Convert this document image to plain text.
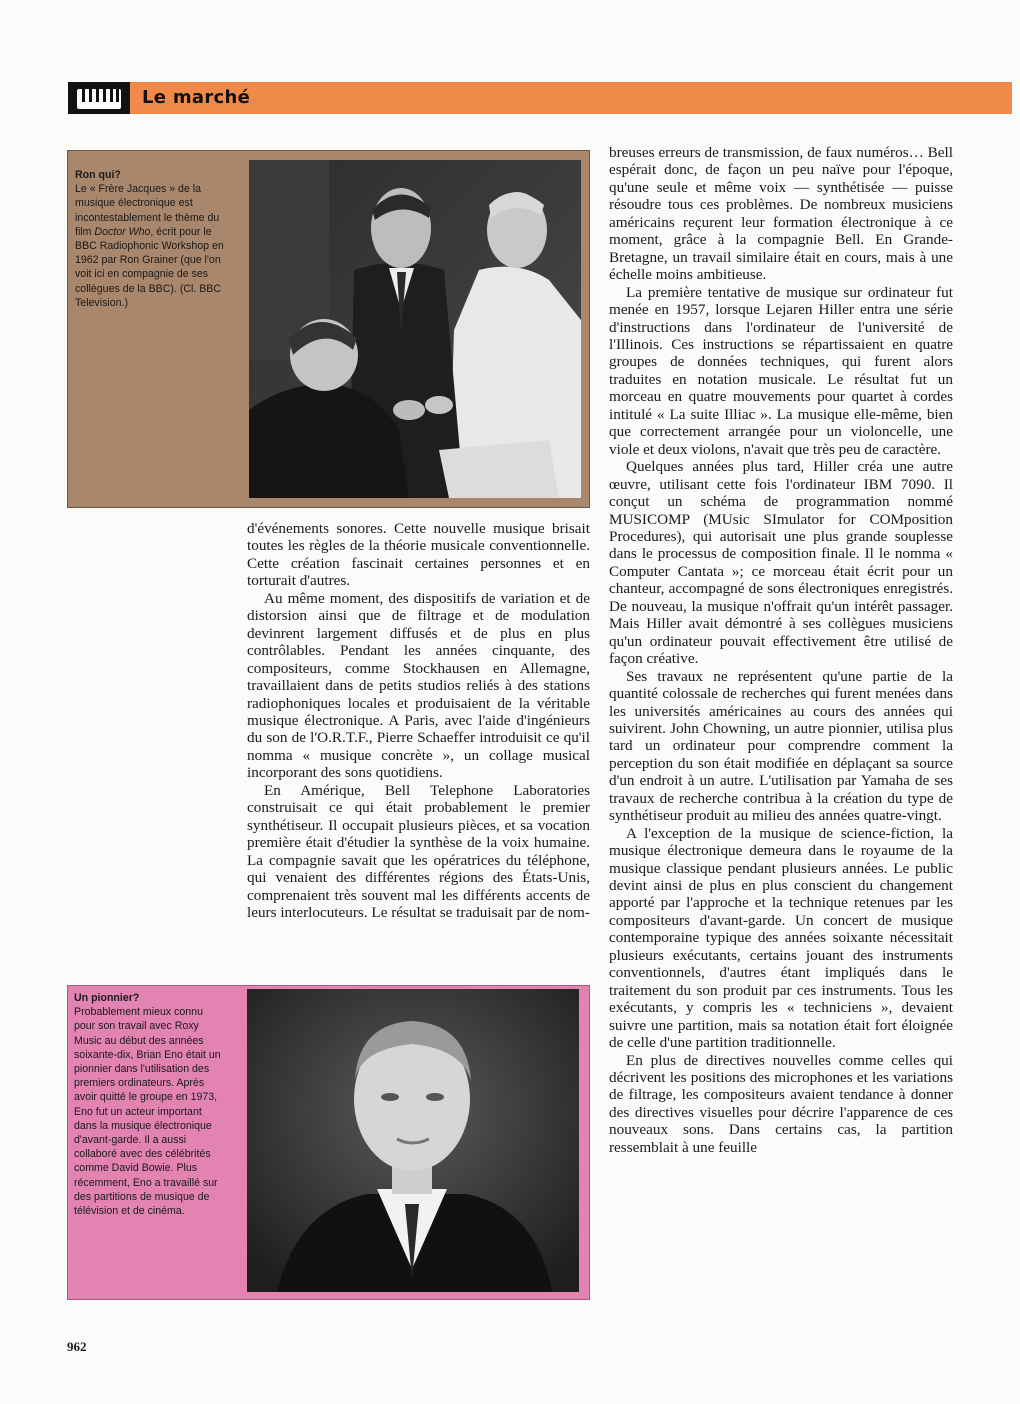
Le marché
Ron qui?
Le « Frère Jacques » de la musique électronique est incontestablement le thème du film Doctor Who, écrit pour le BBC Radiophonic Workshop en 1962 par Ron Grainer (que l'on voit ici en compagnie de ses collègues de la BBC). (Cl. BBC Television.)
Un pionnier?
Probablement mieux connu pour son travail avec Roxy Music au début des années soixante-dix, Brian Eno était un pionnier dans l'utilisation des premiers ordinateurs. Après avoir quitté le groupe en 1973, Eno fut un acteur important dans la musique électronique d'avant-garde. Il a aussi collaboré avec des célébrités comme David Bowie. Plus récemment, Eno a travaillé sur des partitions de musique de télévision et de cinéma.

d'événements sonores. Cette nouvelle musique brisait toutes les règles de la théorie musicale conventionnelle. Cette création fascinait certaines personnes et en torturait d'autres.

Au même moment, des dispositifs de variation et de distorsion ainsi que de filtrage et de modulation devinrent largement diffusés et de plus en plus contrôlables. Pendant les années cinquante, des compositeurs, comme Stockhausen en Allemagne, travaillaient dans de petits studios reliés à des stations radiophoniques locales et produisaient de la véritable musique électronique. A Paris, avec l'aide d'ingénieurs du son de l'O.R.T.F., Pierre Schaeffer introduisit ce qu'il nomma « musique concrète », un collage musical incorporant des sons quotidiens.

En Amérique, Bell Telephone Laboratories construisait ce qui était probablement le premier synthétiseur. Il occupait plusieurs pièces, et sa vocation première était d'étudier la synthèse de la voix humaine. La compagnie savait que les opératrices du téléphone, qui venaient des différentes régions des États-Unis, comprenaient très souvent mal les différents accents de leurs interlocuteurs. Le résultat se traduisait par de nom-

breuses erreurs de transmission, de faux numéros… Bell espérait donc, de façon un peu naïve pour l'époque, qu'une seule et même voix — synthétisée — puisse résoudre tous ces problèmes. De nombreux musiciens américains reçurent leur formation électronique à ce moment, grâce à la compagnie Bell. En Grande-Bretagne, un travail similaire était en cours, mais à une échelle moins ambitieuse.

La première tentative de musique sur ordinateur fut menée en 1957, lorsque Lejaren Hiller entra une série d'instructions dans l'ordinateur de l'université de l'Illinois. Ces instructions se répartissaient en quatre groupes de données techniques, qui furent alors traduites en notation musicale. Le résultat fut un morceau en quatre mouvements pour quartet à cordes intitulé « La suite Illiac ». La musique elle-même, bien que correctement arrangée pour un violoncelle, une viole et deux violons, n'avait que très peu de caractère.

Quelques années plus tard, Hiller créa une autre œuvre, utilisant cette fois l'ordinateur IBM 7090. Il conçut un schéma de programmation nommé MUSICOMP (MUsic SImulator for COMposition Procedures), qui autorisait une plus grande souplesse dans le processus de composition finale. Il le nomma « Computer Cantata »; ce morceau était écrit pour un chanteur, accompagné de sons électroniques enregistrés. De nouveau, la musique n'offrait qu'un intérêt passager. Mais Hiller avait démontré à ses collègues musiciens qu'un ordinateur pouvait effectivement être utilisé de façon créative.

Ses travaux ne représentent qu'une partie de la quantité colossale de recherches qui furent menées dans les universités américaines au cours des années qui suivirent. John Chowning, un autre pionnier, utilisa plus tard un ordinateur pour comprendre comment la perception du son était modifiée en déplaçant sa source d'un endroit à un autre. L'utilisation par Yamaha de ses travaux de recherche contribua à la création du type de synthétiseur produit au milieu des années quatre-vingt.

A l'exception de la musique de science-fiction, la musique électronique demeura dans le royaume de la musique classique pendant plusieurs années. Le public devint ainsi de plus en plus conscient du changement apporté par l'approche et la technique retenues par les compositeurs d'avant-garde. Un concert de musique contemporaine typique des années soixante nécessitait plusieurs exécutants, certains jouant des instruments conventionnels, d'autres étant impliqués dans le traitement du son produit par ces instruments. Tous les exécutants, y compris les « techniciens », devaient suivre une partition, mais sa notation était fort éloignée de celle d'une partition traditionnelle.

En plus de directives nouvelles comme celles qui décrivent les positions des microphones et les variations de filtrage, les compositeurs avaient tendance à donner des directives visuelles pour décrire l'apparence de ces nouveaux sons. Dans certains cas, la partition ressemblait à une feuille

962
